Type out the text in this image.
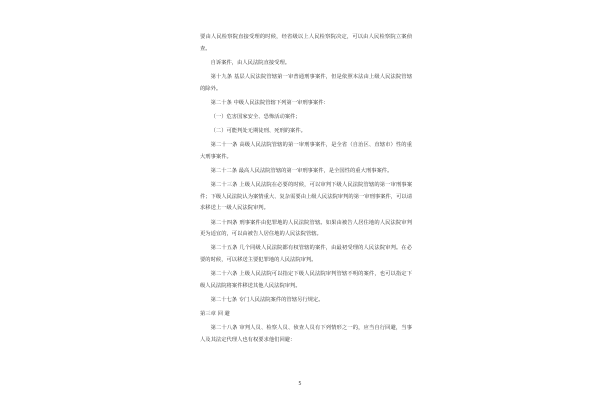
要由人民检察院直接受理的时候，经省级以上人民检察院决定，可以由人民检察院立案侦查。

自诉案件，由人民法院直接受理。

第十九条 基层人民法院管辖第一审普通刑事案件，但是依照本法由上级人民法院管辖的除外。

第二十条 中级人民法院管辖下列第一审刑事案件：

（一）危害国家安全、恐怖活动案件；

（二）可能判处无期徒刑、死刑的案件。

第二十一条 高级人民法院管辖的第一审刑事案件，是全省（自治区、直辖市）性的重大刑事案件。

第二十二条 最高人民法院管辖的第一审刑事案件，是全国性的重大刑事案件。

第二十三条 上级人民法院在必要的时候，可以审判下级人民法院管辖的第一审刑事案件；下级人民法院认为案情重大、复杂需要由上级人民法院审判的第一审刑事案件，可以请求移送上一级人民法院审判。

第二十四条 刑事案件由犯罪地的人民法院管辖。如果由被告人居住地的人民法院审判更为适宜的，可以由被告人居住地的人民法院管辖。

第二十五条 几个同级人民法院都有权管辖的案件，由最初受理的人民法院审判。在必要的时候，可以移送主要犯罪地的人民法院审判。

第二十六条 上级人民法院可以指定下级人民法院审判管辖不明的案件，也可以指定下级人民法院将案件移送其他人民法院审判。

第二十七条 专门人民法院案件的管辖另行规定。

第三章 回 避

第二十八条 审判人员、检察人员、侦查人员有下列情形之一的，应当自行回避，当事人及其法定代理人也有权要求他们回避：

5
